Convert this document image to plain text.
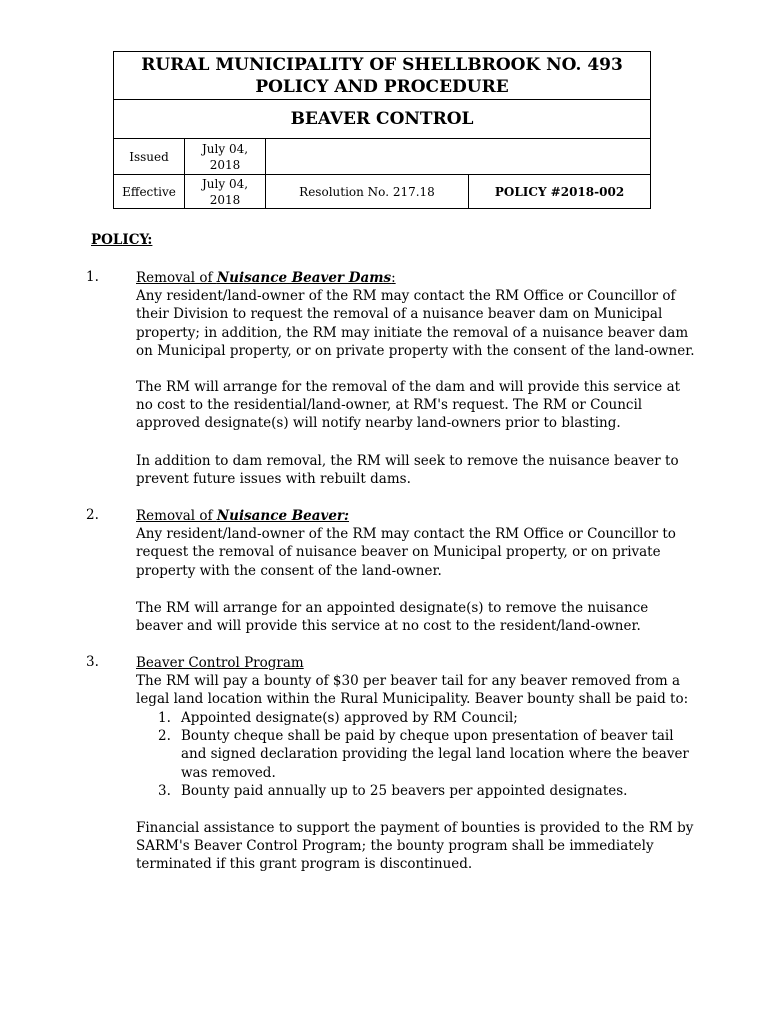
RURAL MUNICIPALITY OF SHELLBROOK NO. 493
POLICY AND PROCEDURE			

BEAVER CONTROL			
Issued	July 04, 2018		
Effective	July 04, 2018	Resolution No. 217.18	POLICY #2018-002
POLICY:
1.	Removal of Nuisance Beaver Dams:

Any resident/land-owner of the RM may contact the RM Office or Councillor of their Division to request the removal of a nuisance beaver dam on Municipal property; in addition, the RM may initiate the removal of a nuisance beaver dam on Municipal property, or on private property with the consent of the land-owner.

The RM will arrange for the removal of the dam and will provide this service at no cost to the residential/land-owner, at RM's request. The RM or Council approved designate(s) will notify nearby land-owners prior to blasting.
In addition to dam removal, the RM will seek to remove the nuisance beaver to prevent future issues with rebuilt dams.
2.	Removal of Nuisance Beaver:

Any resident/land-owner of the RM may contact the RM Office or Councillor to request the removal of nuisance beaver on Municipal property, or on private property with the consent of the land-owner.

The RM will arrange for an appointed designate(s) to remove the nuisance beaver and will provide this service at no cost to the resident/land-owner.
3.	Beaver Control Program

The RM will pay a bounty of $30 per beaver tail for any beaver removed from a legal land location within the Rural Municipality. Beaver bounty shall be paid to:

1. Appointed designate(s) approved by RM Council;
2. Bounty cheque shall be paid by cheque upon presentation of beaver tail and signed declaration providing the legal land location where the beaver was removed.
3. Bounty paid annually up to 25 beavers per appointed designates.
Financial assistance to support the payment of bounties is provided to the RM by SARM's Beaver Control Program; the bounty program shall be immediately terminated if this grant program is discontinued.
